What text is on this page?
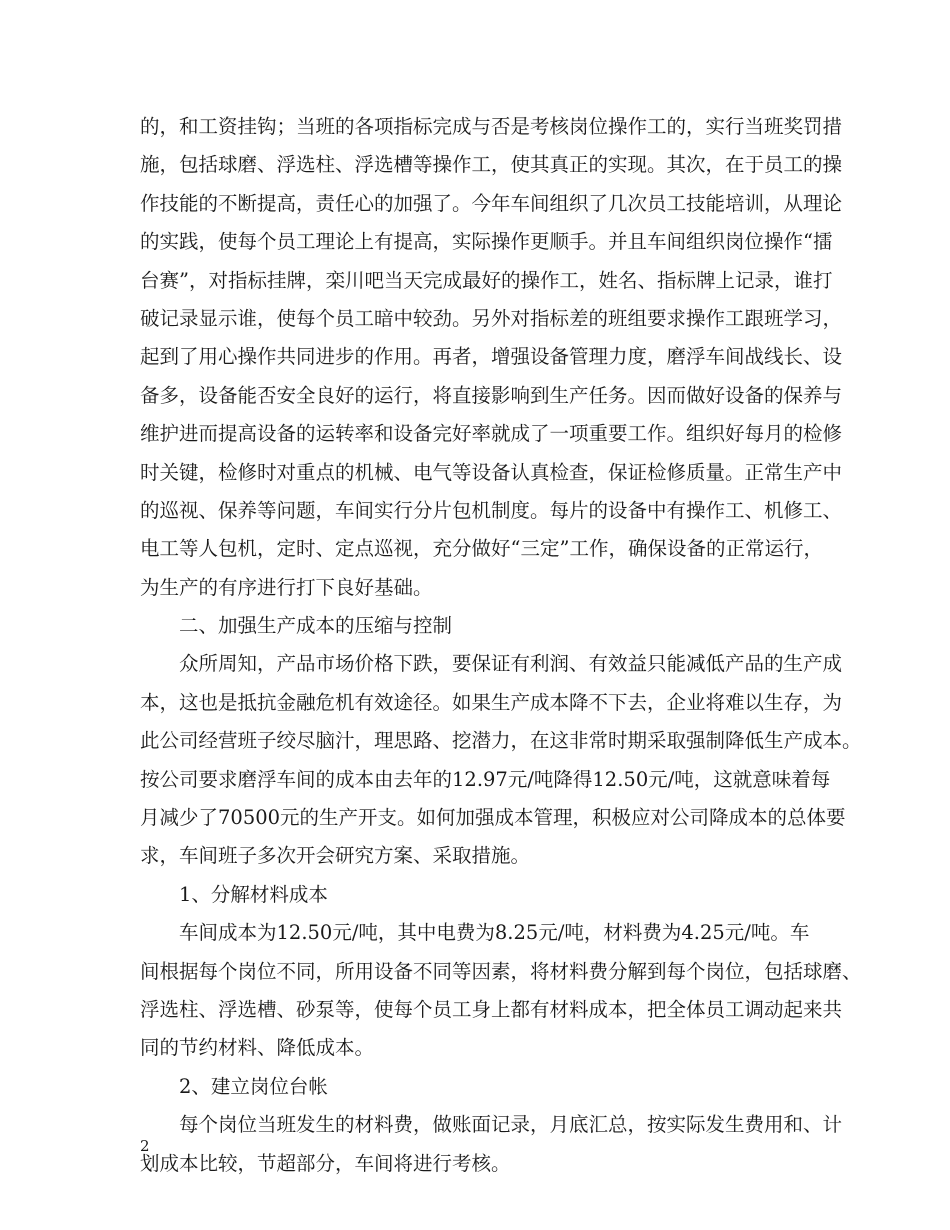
的，和工资挂钩；当班的各项指标完成与否是考核岗位操作工的，实行当班奖罚措
施，包括球磨、浮选柱、浮选槽等操作工，使其真正的实现。其次，在于员工的操
作技能的不断提高，责任心的加强了。今年车间组织了几次员工技能培训，从理论
的实践，使每个员工理论上有提高，实际操作更顺手。并且车间组织岗位操作“擂
台赛”，对指标挂牌，栾川吧当天完成最好的操作工，姓名、指标牌上记录，谁打
破记录显示谁，使每个员工暗中较劲。另外对指标差的班组要求操作工跟班学习，
起到了用心操作共同进步的作用。再者，增强设备管理力度，磨浮车间战线长、设
备多，设备能否安全良好的运行，将直接影响到生产任务。因而做好设备的保养与
维护进而提高设备的运转率和设备完好率就成了一项重要工作。组织好每月的检修
时关键，检修时对重点的机械、电气等设备认真检查，保证检修质量。正常生产中
的巡视、保养等问题，车间实行分片包机制度。每片的设备中有操作工、机修工、
电工等人包机，定时、定点巡视，充分做好“三定”工作，确保设备的正常运行，
为生产的有序进行打下良好基础。
　　二、加强生产成本的压缩与控制
　　众所周知，产品市场价格下跌，要保证有利润、有效益只能减低产品的生产成
本，这也是抵抗金融危机有效途径。如果生产成本降不下去，企业将难以生存，为
此公司经营班子绞尽脑汁，理思路、挖潜力，在这非常时期采取强制降低生产成本。
按公司要求磨浮车间的成本由去年的12.97元/吨降得12.50元/吨，这就意味着每
月减少了70500元的生产开支。如何加强成本管理，积极应对公司降成本的总体要
求，车间班子多次开会研究方案、采取措施。
　　1、分解材料成本
　　车间成本为12.50元/吨，其中电费为8.25元/吨，材料费为4.25元/吨。车
间根据每个岗位不同，所用设备不同等因素，将材料费分解到每个岗位，包括球磨、
浮选柱、浮选槽、砂泵等，使每个员工身上都有材料成本，把全体员工调动起来共
同的节约材料、降低成本。
　　2、建立岗位台帐
　　每个岗位当班发生的材料费，做账面记录，月底汇总，按实际发生费用和、计
划成本比较，节超部分，车间将进行考核。
2
